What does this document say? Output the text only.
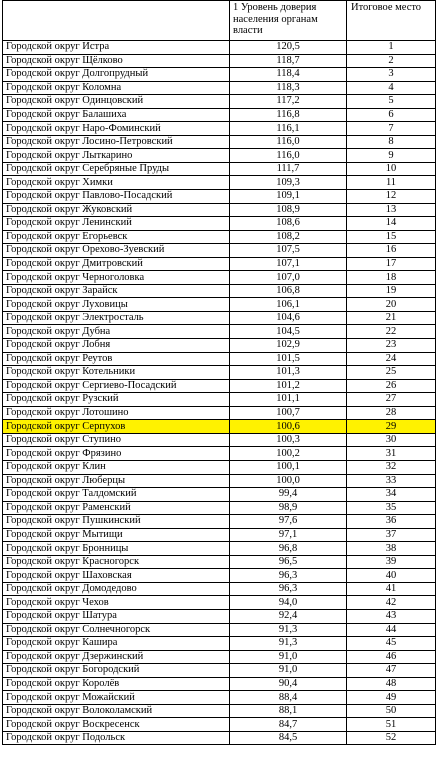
	1 Уровень доверия населения органам власти	Итоговое место
Городской округ Истра	120,5	1
Городской округ Щёлково	118,7	2
Городской округ Долгопрудный	118,4	3
Городской округ Коломна	118,3	4
Городской округ Одинцовский	117,2	5
Городской округ Балашиха	116,8	6
Городской округ Наро-Фоминский	116,1	7
Городской округ Лосино-Петровский	116,0	8
Городской округ Лыткарино	116,0	9
Городской округ Серебряные Пруды	111,7	10
Городской округ Химки	109,3	11
Городской округ Павлово-Посадский	109,1	12
Городской округ Жуковский	108,9	13
Городской округ Ленинский	108,6	14
Городской округ Егорьевск	108,2	15
Городской округ Орехово-Зуевский	107,5	16
Городской округ Дмитровский	107,1	17
Городской округ Черноголовка	107,0	18
Городской округ Зарайск	106,8	19
Городской округ Луховицы	106,1	20
Городской округ Электросталь	104,6	21
Городской округ Дубна	104,5	22
Городской округ Лобня	102,9	23
Городской округ Реутов	101,5	24
Городской округ Котельники	101,3	25
Городской округ Сергиево-Посадский	101,2	26
Городской округ Рузский	101,1	27
Городской округ Лотошино	100,7	28
Городской округ Серпухов	100,6	29
Городской округ Ступино	100,3	30
Городской округ Фрязино	100,2	31
Городской округ Клин	100,1	32
Городской округ Люберцы	100,0	33
Городской округ Талдомский	99,4	34
Городской округ Раменский	98,9	35
Городской округ Пушкинский	97,6	36
Городской округ Мытищи	97,1	37
Городской округ Бронницы	96,8	38
Городской округ Красногорск	96,5	39
Городской округ Шаховская	96,3	40
Городской округ Домодедово	96,3	41
Городской округ Чехов	94,0	42
Городской округ Шатура	92,4	43
Городской округ Солнечногорск	91,3	44
Городской округ Кашира	91,3	45
Городской округ Дзержинский	91,0	46
Городской округ Богородский	91,0	47
Городской округ Королёв	90,4	48
Городской округ Можайский	88,4	49
Городской округ Волоколамский	88,1	50
Городской округ Воскресенск	84,7	51
Городской округ Подольск	84,5	52
